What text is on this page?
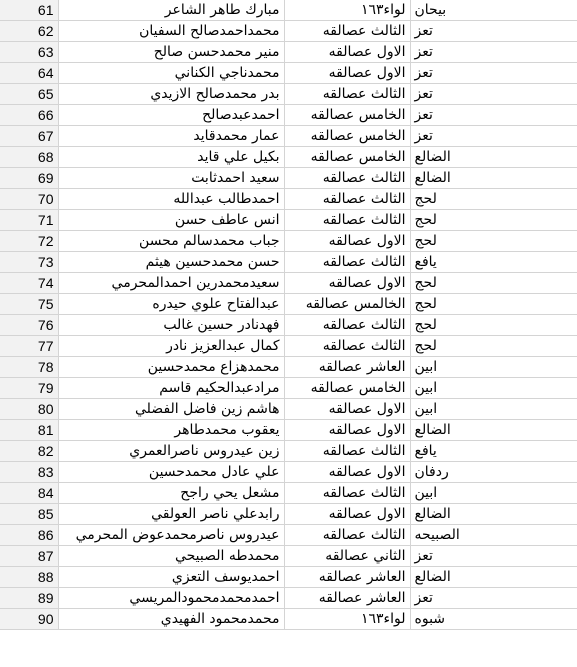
61	مبارك طاهر الشاعر	لواء١٦٣	بيحان
62	محمداحمدصالح السفيان	الثالث عصالقه	تعز
63	منير محمدحسن صالح	الاول عصالقه	تعز
64	محمدناجي الكناني	الاول عصالقه	تعز
65	بدر محمدصالح الازيدي	الثالث عصالقه	تعز
66	احمدعبدصالح	الخامس عصالقه	تعز
67	عمار محمدقايد	الخامس عصالقه	تعز
68	بكيل علي قايد	الخامس عصالقه	الضالع
69	سعيد احمدثابت	الثالث عصالقه	الضالع
70	احمدطالب عبدالله	الثالث عصالقه	لحج
71	انس عاطف حسن	الثالث عصالقه	لحج
72	جباب محمدسالم محسن	الاول عصالقه	لحج
73	حسن محمدحسين هيثم	الثالث عصالقه	يافع
74	سعيدمحمدرين احمدالمحرمي	الاول عصالقه	لحج
75	عبدالفتاح علوي حيدره	الخالمس عصالقه	لحج
76	فهدنادر حسين غالب	الثالث عصالقه	لحج
77	كمال عبدالعزيز نادر	الثالث عصالقه	لحج
78	محمدهزاع محمدحسين	العاشر عصالقه	ابين
79	مرادعبدالحكيم قاسم	الخامس عصالقه	ابين
80	هاشم زين فاضل الفضلي	الاول عصالقه	ابين
81	يعقوب محمدطاهر	الاول عصالقه	الضالع
82	زين عيدروس ناصرالعمري	الثالث عصالقه	يافع
83	علي عادل محمدحسين	الاول عصالقه	ردفان
84	مشعل يحي راجح	الثالث عصالقه	ابين
85	رابدعلي ناصر العولقي	الاول عصالقه	الضالع
86	عيدروس ناصرمحمدعوض المحرمي	الثالث عصالقه	الصبيحه
87	محمدطه الصبيحي	الثاني عصالقه	تعز
88	احمديوسف التعزي	العاشر عصالقه	الضالع
89	احمدمحمدمحمودالمريسي	العاشر عصالقه	تعز
90	محمدمحمود الفهيدي	لواء١٦٣	شبوه
